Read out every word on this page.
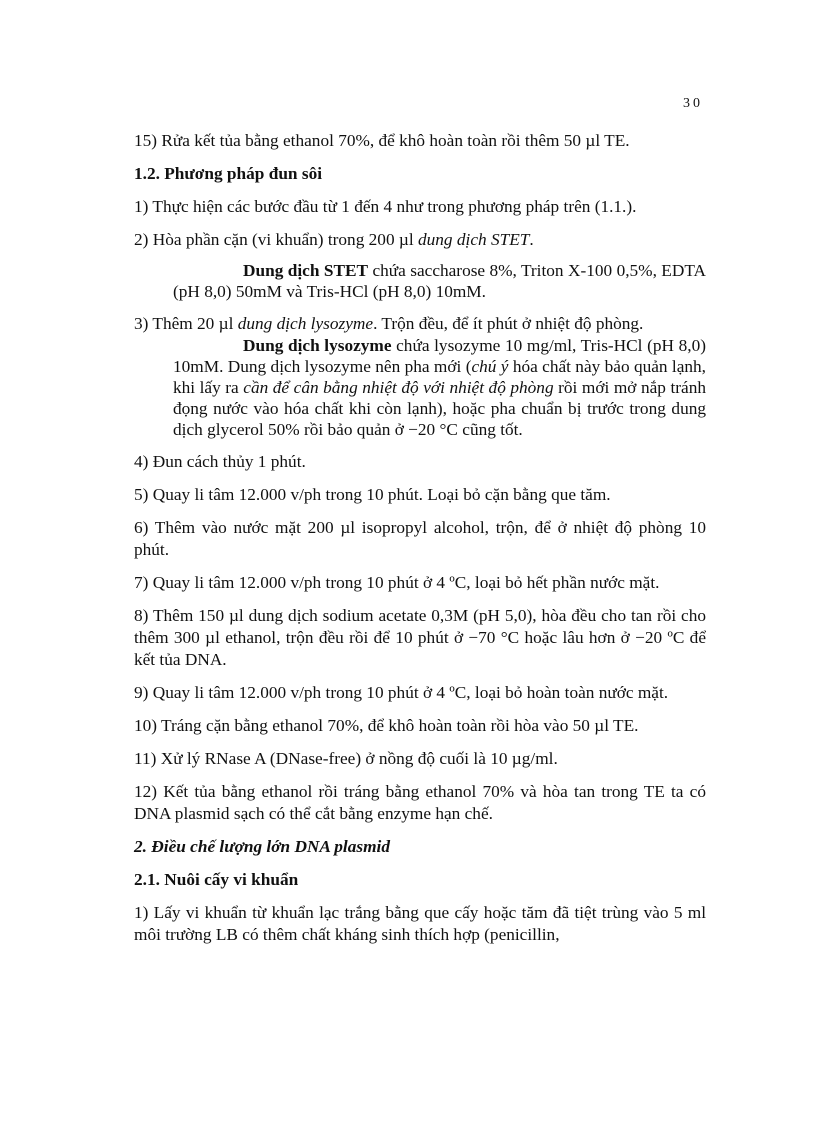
30

15) Rửa kết tủa bằng ethanol 70%, để khô hoàn toàn rồi thêm 50 µl TE.

1.2. Phương pháp đun sôi

1) Thực hiện các bước đầu từ 1 đến 4 như trong phương pháp trên (1.1.).

2) Hòa phần cặn (vi khuẩn) trong 200 µl dung dịch STET.

Dung dịch STET chứa saccharose 8%, Triton X-100 0,5%, EDTA (pH 8,0) 50mM và Tris-HCl (pH 8,0) 10mM.

3) Thêm 20 µl dung dịch lysozyme. Trộn đều, để ít phút ở nhiệt độ phòng.

Dung dịch lysozyme chứa lysozyme 10 mg/ml, Tris-HCl (pH 8,0) 10mM. Dung dịch lysozyme nên pha mới (chú ý hóa chất này bảo quản lạnh, khi lấy ra cần để cân bằng nhiệt độ với nhiệt độ phòng rồi mới mở nắp tránh đọng nước vào hóa chất khi còn lạnh), hoặc pha chuẩn bị trước trong dung dịch glycerol 50% rồi bảo quản ở −20 °C cũng tốt.

4) Đun cách thủy 1 phút.

5) Quay li tâm 12.000 v/ph trong 10 phút. Loại bỏ cặn bằng que tăm.

6) Thêm vào nước mặt 200 µl isopropyl alcohol, trộn, để ở nhiệt độ phòng 10 phút.

7) Quay li tâm 12.000 v/ph trong 10 phút ở 4 ºC, loại bỏ hết phần nước mặt.

8) Thêm 150 µl dung dịch sodium acetate 0,3M (pH 5,0), hòa đều cho tan rồi cho thêm 300 µl ethanol, trộn đều rồi để 10 phút ở −70 °C hoặc lâu hơn ở −20 ºC để kết tủa DNA.

9) Quay li tâm 12.000 v/ph trong 10 phút ở 4 ºC, loại bỏ hoàn toàn nước mặt.

10) Tráng cặn bằng ethanol 70%, để khô hoàn toàn rồi hòa vào 50 µl TE.

11) Xử lý RNase A (DNase-free) ở nồng độ cuối là 10 µg/ml.

12) Kết tủa bằng ethanol rồi tráng bằng ethanol 70% và hòa tan trong TE ta có DNA plasmid sạch có thể cắt bằng enzyme hạn chế.

2. Điều chế lượng lớn DNA plasmid
2.1. Nuôi cấy vi khuẩn

1) Lấy vi khuẩn từ khuẩn lạc trắng bằng que cấy hoặc tăm đã tiệt trùng vào 5 ml môi trường LB có thêm chất kháng sinh thích hợp (penicillin,
